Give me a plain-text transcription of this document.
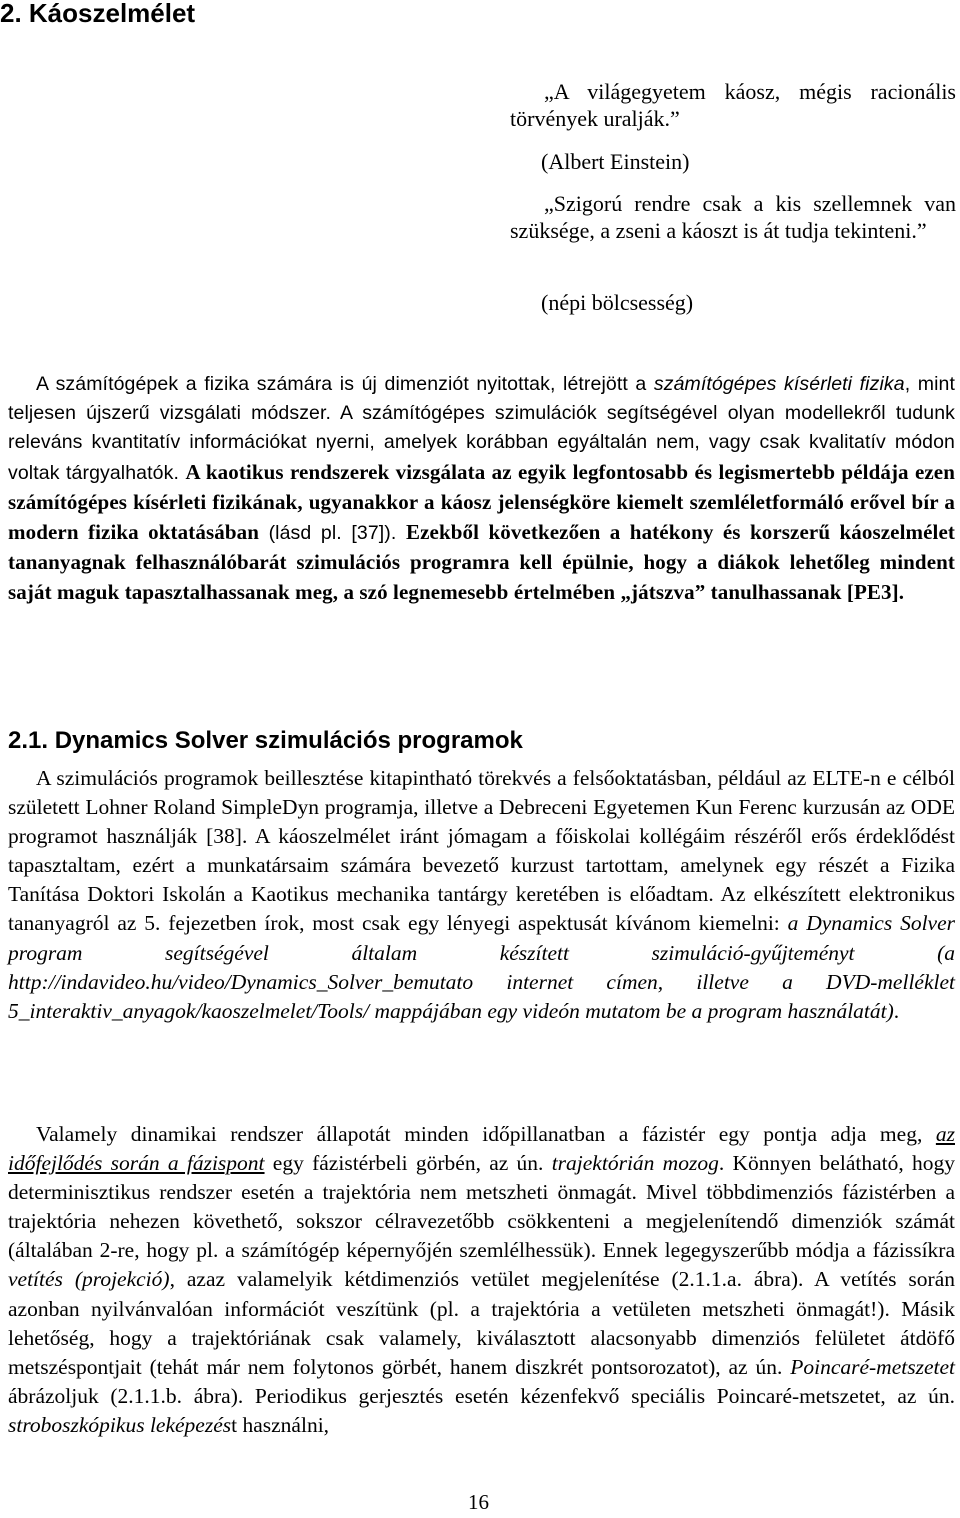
2. Káoszelmélet

„A világegyetem káosz, mégis racionális törvények uralják.”

(Albert Einstein)

„Szigorú rendre csak a kis szellemnek van szüksége, a zseni a káoszt is át tudja tekinteni.”

(népi bölcsesség)

A számítógépek a fizika számára is új dimenziót nyitottak, létrejött a számítógépes kísérleti fizika, mint teljesen újszerű vizsgálati módszer. A számítógépes szimulációk segítségével olyan modellekről tudunk releváns kvantitatív információkat nyerni, amelyek korábban egyáltalán nem, vagy csak kvalitatív módon voltak tárgyalhatók. A kaotikus rendszerek vizsgálata az egyik legfontosabb és legismertebb példája ezen számítógépes kísérleti fizikának, ugyanakkor a káosz jelenségköre kiemelt szemléletformáló erővel bír a modern fizika oktatásában (lásd pl. [37]). Ezekből következően a hatékony és korszerű káoszelmélet tananyagnak felhasználóbarát szimulációs programra kell épülnie, hogy a diákok lehetőleg mindent saját maguk tapasztalhassanak meg, a szó legnemesebb értelmében „játszva” tanulhassanak [PE3].

2.1. Dynamics Solver szimulációs programok

A szimulációs programok beillesztése kitapintható törekvés a felsőoktatásban, például az ELTE-n e célból született Lohner Roland SimpleDyn programja, illetve a Debreceni Egyetemen Kun Ferenc kurzusán az ODE programot használják [38]. A káoszelmélet iránt jómagam a főiskolai kollégáim részéről erős érdeklődést tapasztaltam, ezért a munkatársaim számára bevezető kurzust tartottam, amelynek egy részét a Fizika Tanítása Doktori Iskolán a Kaotikus mechanika tantárgy keretében is előadtam. Az elkészített elektronikus tananyagról az 5. fejezetben írok, most csak egy lényegi aspektusát kívánom kiemelni: a Dynamics Solver program segítségével általam készített szimuláció-gyűjteményt (a http://indavideo.hu/video/Dynamics_Solver_bemutato internet címen, illetve a DVD-melléklet 5_interaktiv_anyagok/kaoszelmelet/Tools/ mappájában egy videón mutatom be a program használatát).

Valamely dinamikai rendszer állapotát minden időpillanatban a fázistér egy pontja adja meg, az időfejlődés során a fázispont egy fázistérbeli görbén, az ún. trajektórián mozog. Könnyen belátható, hogy determinisztikus rendszer esetén a trajektória nem metszheti önmagát. Mivel többdimenziós fázistérben a trajektória nehezen követhető, sokszor célravezetőbb csökkenteni a megjelenítendő dimenziók számát (általában 2-re, hogy pl. a számítógép képernyőjén szemlélhessük). Ennek legegyszerűbb módja a fázissíkra vetítés (projekció), azaz valamelyik kétdimenziós vetület megjelenítése (2.1.1.a. ábra). A vetítés során azonban nyilvánvalóan információt veszítünk (pl. a trajektória a vetületen metszheti önmagát!). Másik lehetőség, hogy a trajektóriának csak valamely, kiválasztott alacsonyabb dimenziós felületet átdöfő metszéspontjait (tehát már nem folytonos görbét, hanem diszkrét pontsorozatot), az ún. Poincaré-metszetet ábrázoljuk (2.1.1.b. ábra). Periodikus gerjesztés esetén kézenfekvő speciális Poincaré-metszetet, az ún. stroboszkópikus leképezést használni,

16
